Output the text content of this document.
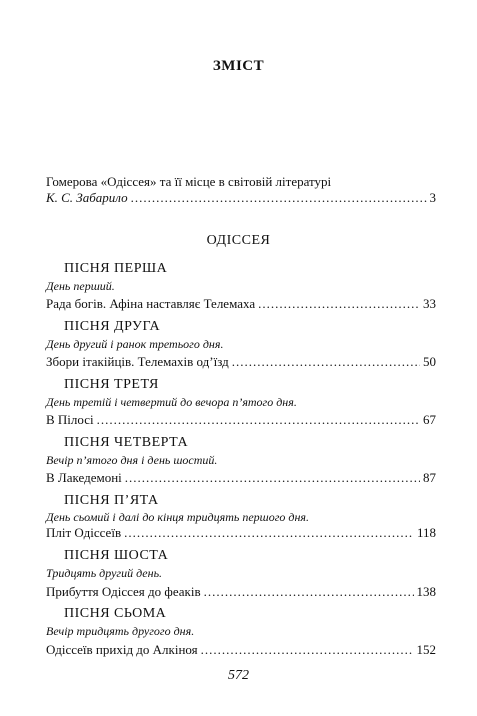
ЗМІСТ
Гомерова «Одіссея» та її місце в світовій літературі
К. С. Забарило .....	3
ОДІССЕЯ
ПІСНЯ ПЕРША
День перший.
Рада богів. Афіна наставляє Телемаха .....	33
ПІСНЯ ДРУГА
День другий і ранок третього дня.
Збори ітакійців. Телемахів од’їзд .....	50
ПІСНЯ ТРЕТЯ
День третій і четвертий до вечора п’ятого дня.
В Пілосі .....	67
ПІСНЯ ЧЕТВЕРТА
Вечір п’ятого дня і день шостий.
В Лакедемоні .....	87
ПІСНЯ П’ЯТА
День сьомий і далі до кінця тридцять першого дня.
Пліт Одіссеїв .....	118
ПІСНЯ ШОСТА
Тридцять другий день.
Прибуття Одіссея до феаків .....	138
ПІСНЯ СЬОМА
Вечір тридцять другого дня.
Одіссеїв прихід до Алкіноя .....	152
572
